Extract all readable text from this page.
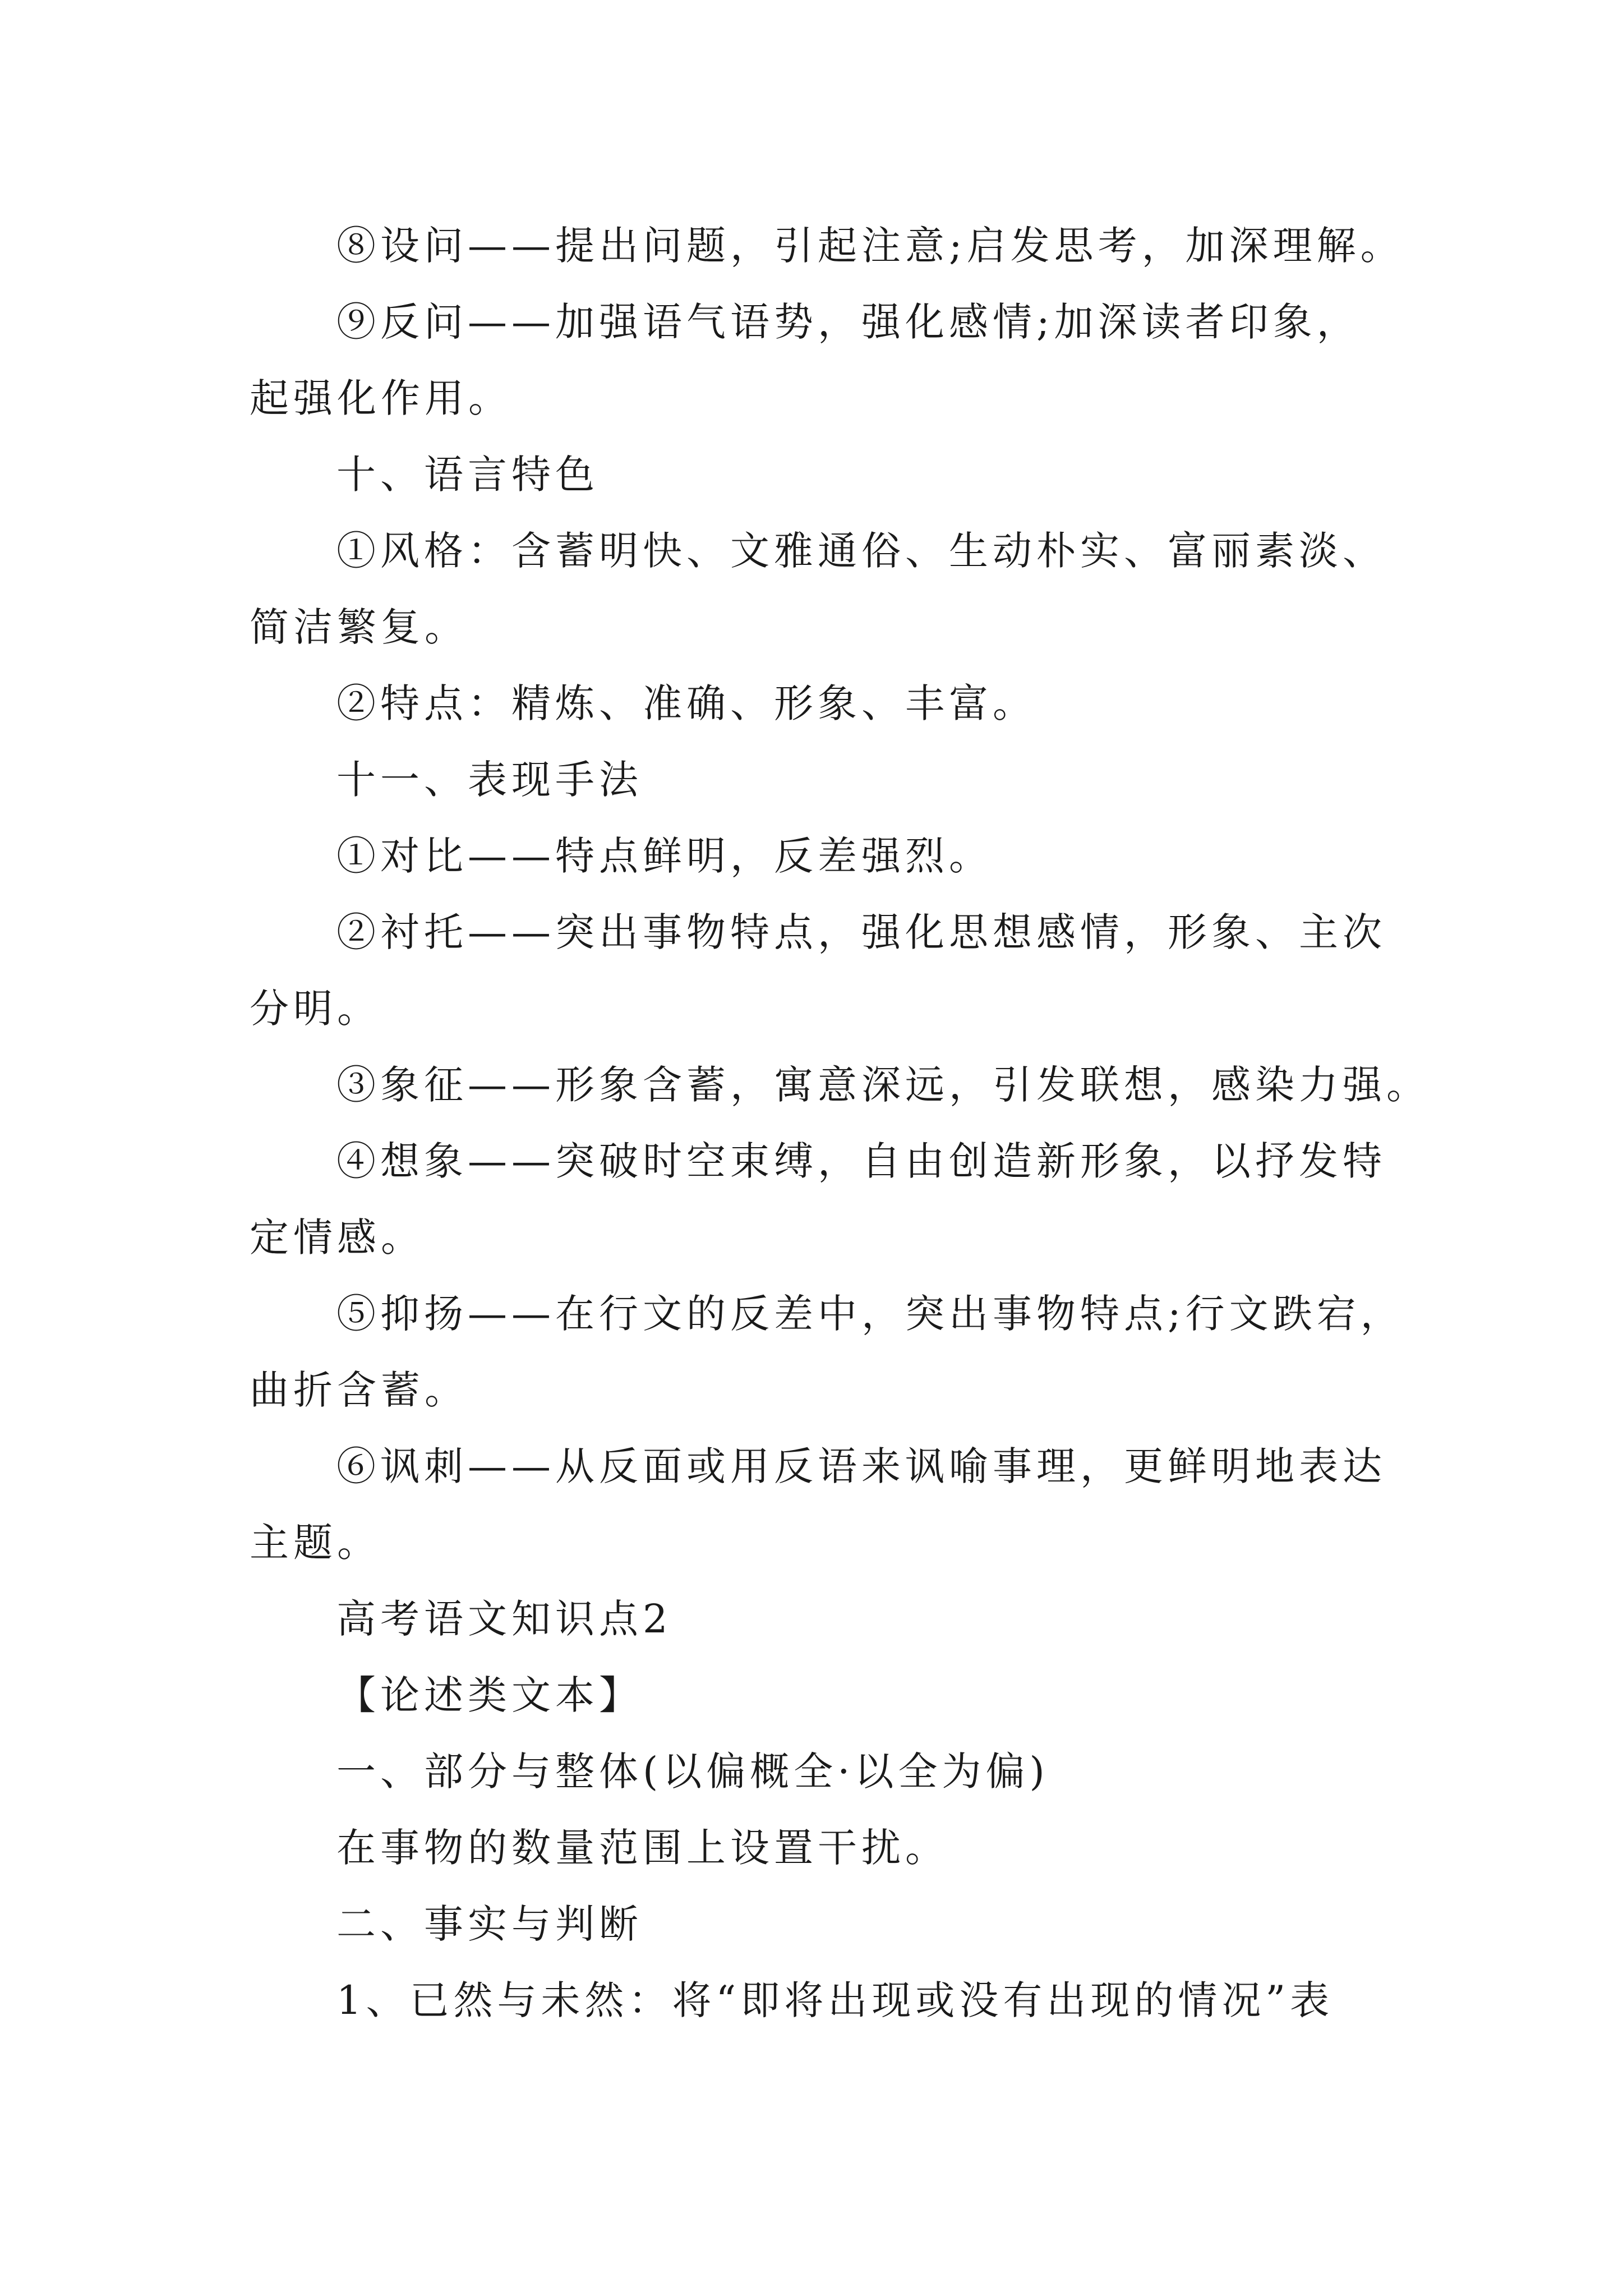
⑧设问——提出问题，引起注意;启发思考，加深理解。
⑨反问——加强语气语势，强化感情;加深读者印象，
起强化作用。
十、语言特色
①风格：含蓄明快、文雅通俗、生动朴实、富丽素淡、
简洁繁复。
②特点：精炼、准确、形象、丰富。
十一、表现手法
①对比——特点鲜明，反差强烈。
②衬托——突出事物特点，强化思想感情，形象、主次
分明。
③象征——形象含蓄，寓意深远，引发联想，感染力强。
④想象——突破时空束缚，自由创造新形象，以抒发特
定情感。
⑤抑扬——在行文的反差中，突出事物特点;行文跌宕，
曲折含蓄。
⑥讽刺——从反面或用反语来讽喻事理，更鲜明地表达
主题。
高考语文知识点2
【论述类文本】
一、部分与整体(以偏概全·以全为偏)
在事物的数量范围上设置干扰。
二、事实与判断
1、已然与未然：将“即将出现或没有出现的情况”表
